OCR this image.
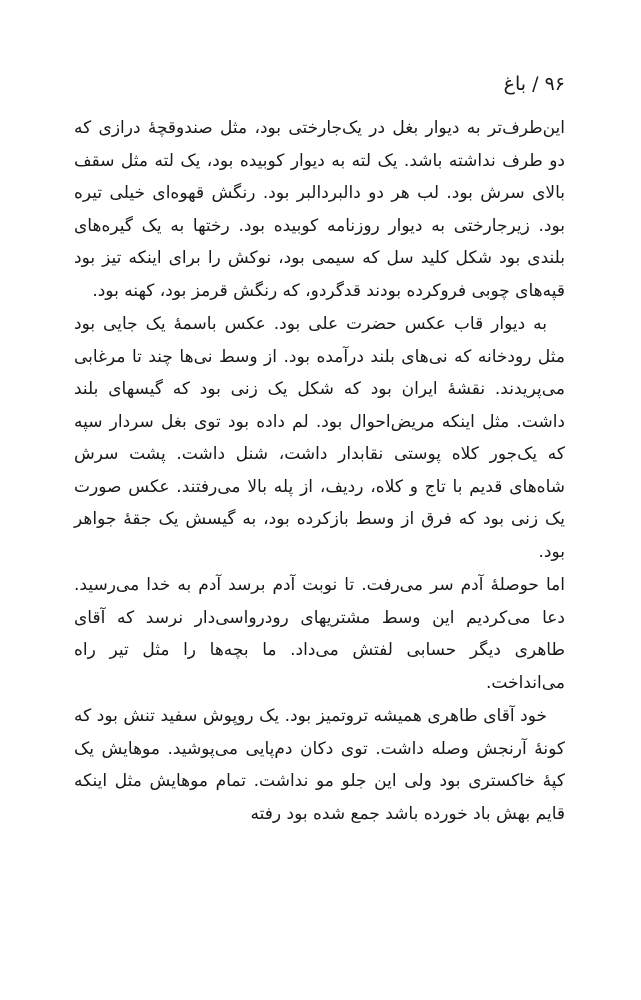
۹۶ / باغ

این‌طرف‌تر به دیوار بغل در یک‌جارختی بود، مثل صندوقچهٔ درازی که دو طرف نداشته باشد. یک لته به دیوار کوبیده بود، یک لته مثل سقف بالای سرش بود. لب هر دو دالبردالبر بود. رنگش قهوه‌ای خیلی تیره بود. زیرجارختی به دیوار روزنامه کوبیده بود. رختها به یک گیره‌های بلندی بود شکل کلید سل که سیمی بود، نوکش را برای اینکه تیز بود قپه‌های چوبی فروکرده بودند قدگردو، که رنگش قرمز بود، کهنه بود.

به دیوار قاب عکس حضرت علی بود. عکس باسمهٔ یک جایی بود مثل رودخانه که نی‌های بلند درآمده بود. از وسط نی‌ها چند تا مرغابی می‌پریدند. نقشهٔ ایران بود که شکل یک زنی بود که گیسهای بلند داشت. مثل اینکه مریض‌احوال بود. لم داده بود توی بغل سردار سپه که یک‌جور کلاه پوستی نقابدار داشت، شنل داشت. پشت سرش شاه‌های قدیم با تاج و کلاه، ردیف، از پله بالا می‌رفتند. عکس صورت یک زنی بود که فرق از وسط بازکرده بود، به گیسش یک جقهٔ جواهر بود.

اما حوصلهٔ آدم سر می‌رفت. تا نوبت آدم برسد آدم به خدا می‌رسید. دعا می‌کردیم این وسط مشتریهای رودرواسی‌دار نرسد که آقای طاهری دیگر حسابی لفتش می‌داد. ما بچه‌ها را مثل تیر راه می‌انداخت.

خود آقای طاهری همیشه تروتمیز بود. یک روپوش سفید تنش بود که کونهٔ آرنجش وصله داشت. توی دکان دم‌پایی می‌پوشید. موهایش یک کپهٔ خاکستری بود ولی این جلو مو نداشت. تمام موهایش مثل اینکه قایم بهش باد خورده باشد جمع شده بود رفته
